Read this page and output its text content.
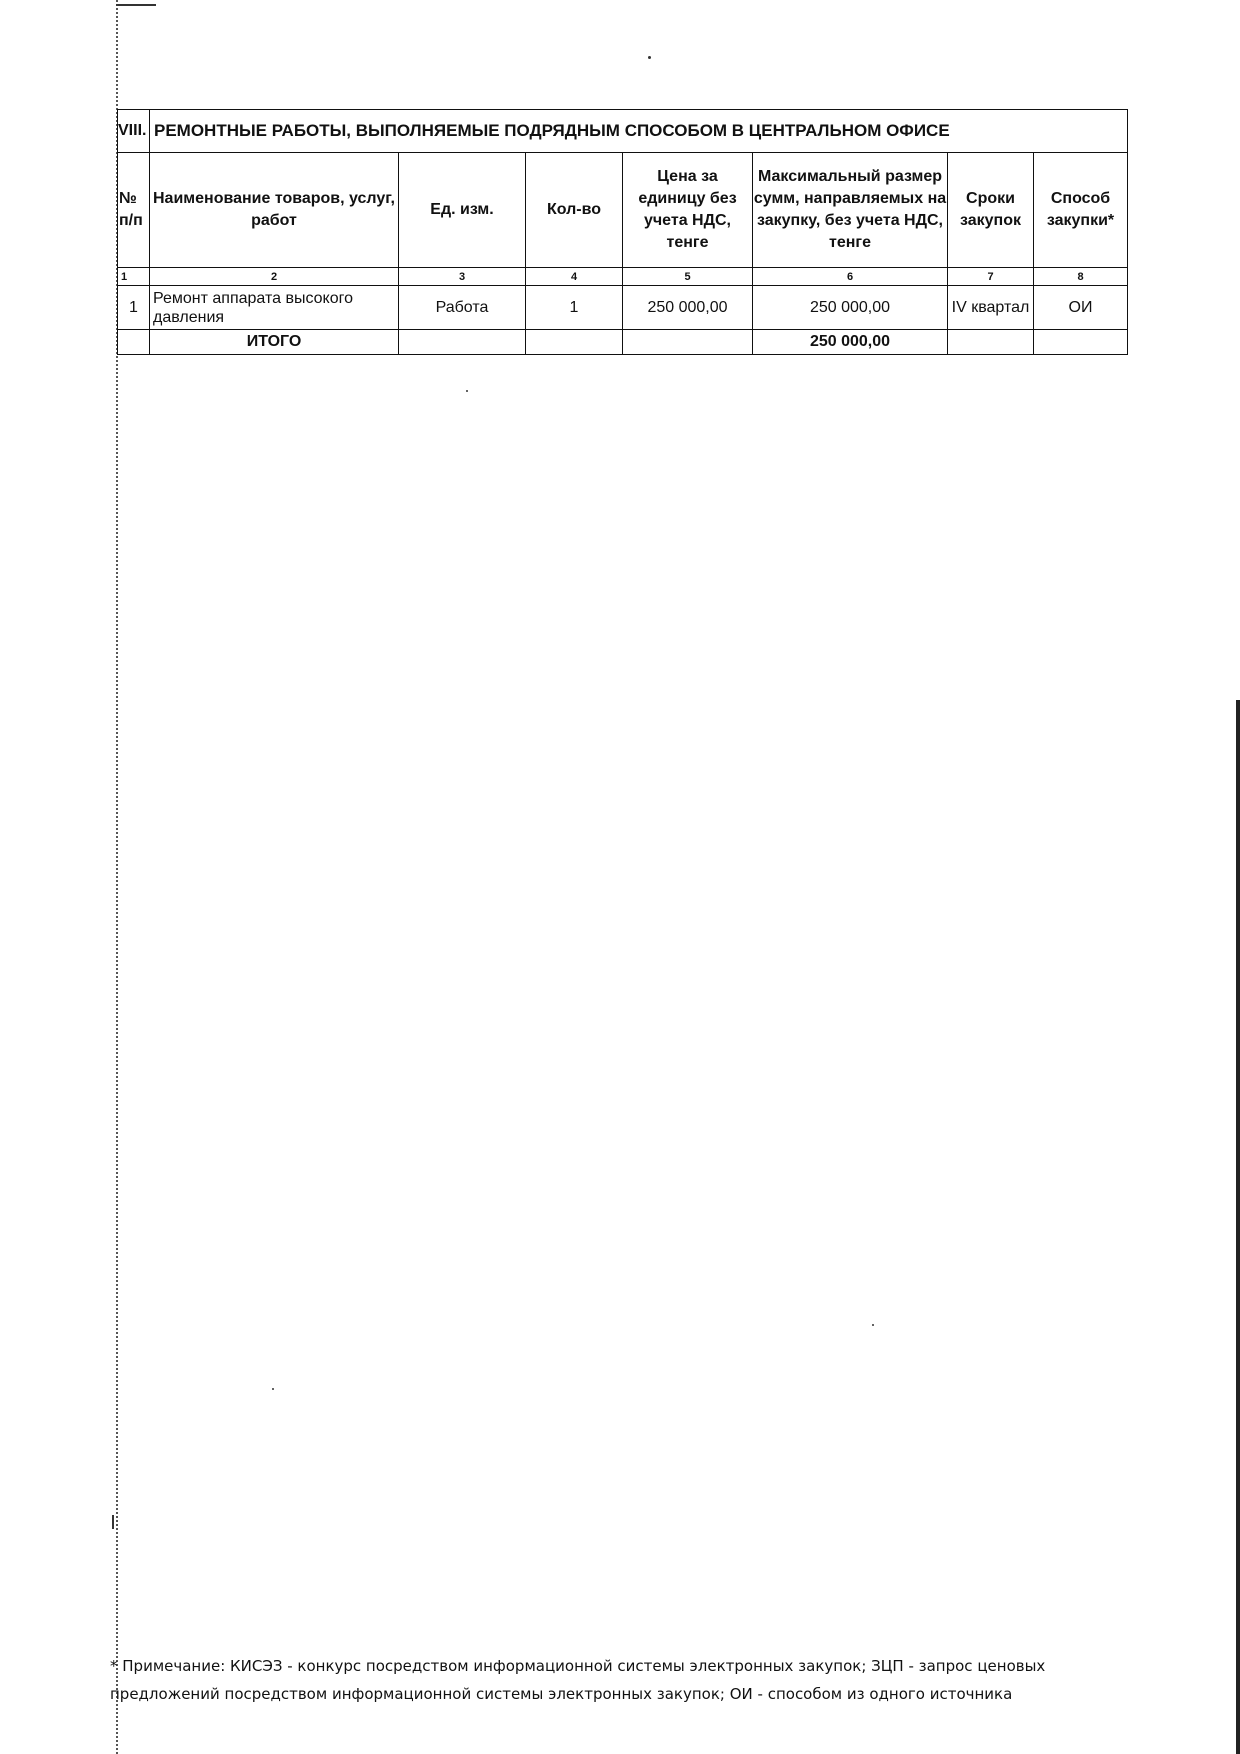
VIII.	РЕМОНТНЫЕ РАБОТЫ, ВЫПОЛНЯЕМЫЕ ПОДРЯДНЫМ СПОСОБОМ В ЦЕНТРАЛЬНОМ ОФИСЕ						
№ п/п	Наименование товаров, услуг, работ	Ед. изм.	Кол-во	Цена за единицу без учета НДС, тенге	Максимальный размер сумм, направляемых на закупку, без учета НДС, тенге	Сроки закупок	Способ закупки*
1	2	3	4	5	6	7	8
1	Ремонт аппарата высокого давления	Работа	1	250 000,00	250 000,00	IV квартал	ОИ
	ИТОГО				250 000,00		
* Примечание: КИСЭЗ - конкурс посредством информационной системы электронных закупок; ЗЦП - запрос ценовых
предложений посредством информационной системы электронных закупок; ОИ - способом из одного источника
